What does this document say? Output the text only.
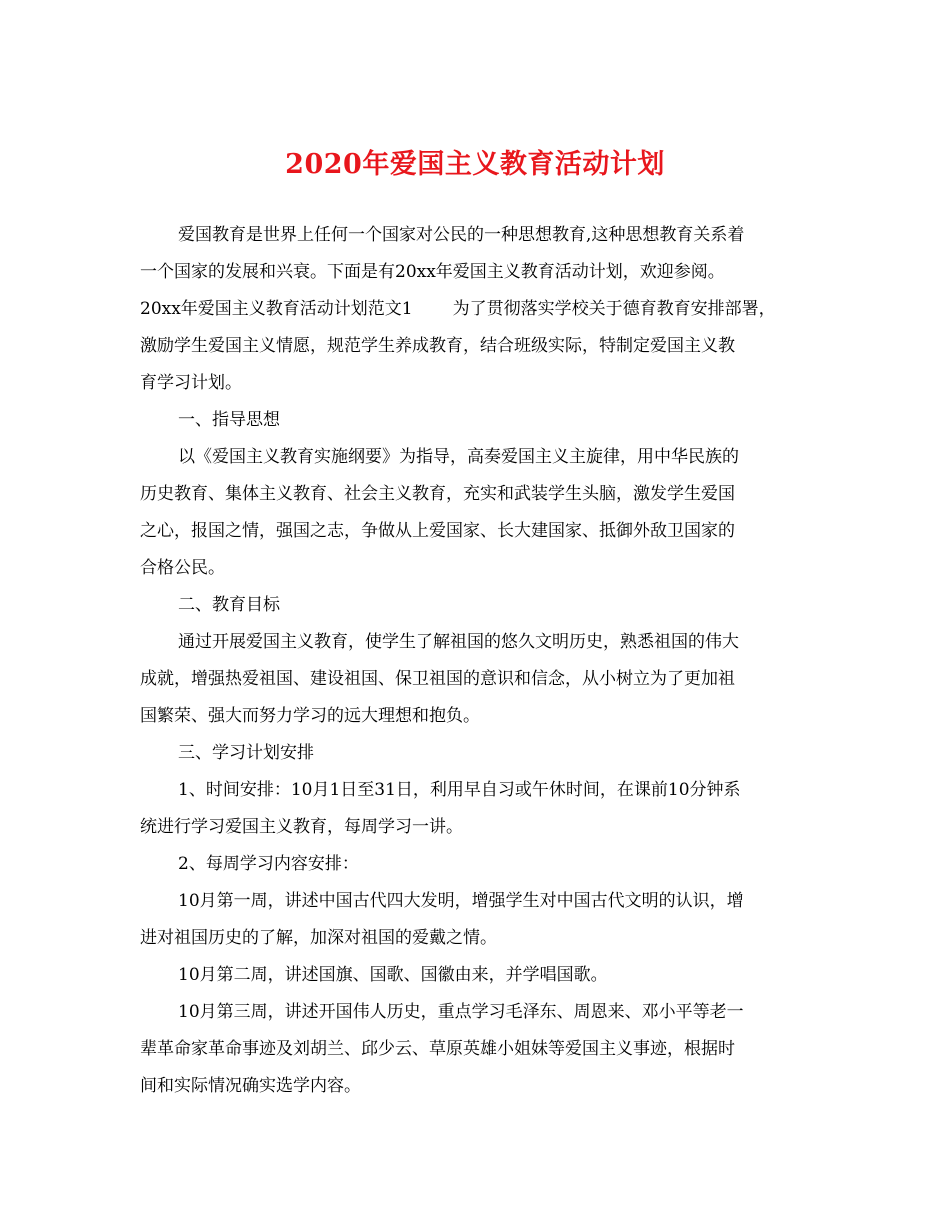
2020年爱国主义教育活动计划

爱国教育是世界上任何一个国家对公民的一种思想教育,这种思想教育关系着

一个国家的发展和兴衰。下面是有20xx年爱国主义教育活动计划，欢迎参阅。

20xx年爱国主义教育活动计划范文1 为了贯彻落实学校关于德育教育安排部署，

激励学生爱国主义情愿，规范学生养成教育，结合班级实际，特制定爱国主义教

育学习计划。

一、指导思想

以《爱国主义教育实施纲要》为指导，高奏爱国主义主旋律，用中华民族的

历史教育、集体主义教育、社会主义教育，充实和武装学生头脑，激发学生爱国

之心，报国之情，强国之志，争做从上爱国家、长大建国家、抵御外敌卫国家的

合格公民。

二、教育目标

通过开展爱国主义教育，使学生了解祖国的悠久文明历史，熟悉祖国的伟大

成就，增强热爱祖国、建设祖国、保卫祖国的意识和信念，从小树立为了更加祖

国繁荣、强大而努力学习的远大理想和抱负。

三、学习计划安排

1、时间安排：10月1日至31日，利用早自习或午休时间，在课前10分钟系

统进行学习爱国主义教育，每周学习一讲。

2、每周学习内容安排：

10月第一周，讲述中国古代四大发明，增强学生对中国古代文明的认识，增

进对祖国历史的了解，加深对祖国的爱戴之情。

10月第二周，讲述国旗、国歌、国徽由来，并学唱国歌。

10月第三周，讲述开国伟人历史，重点学习毛泽东、周恩来、邓小平等老一

辈革命家革命事迹及刘胡兰、邱少云、草原英雄小姐妹等爱国主义事迹，根据时

间和实际情况确实选学内容。
